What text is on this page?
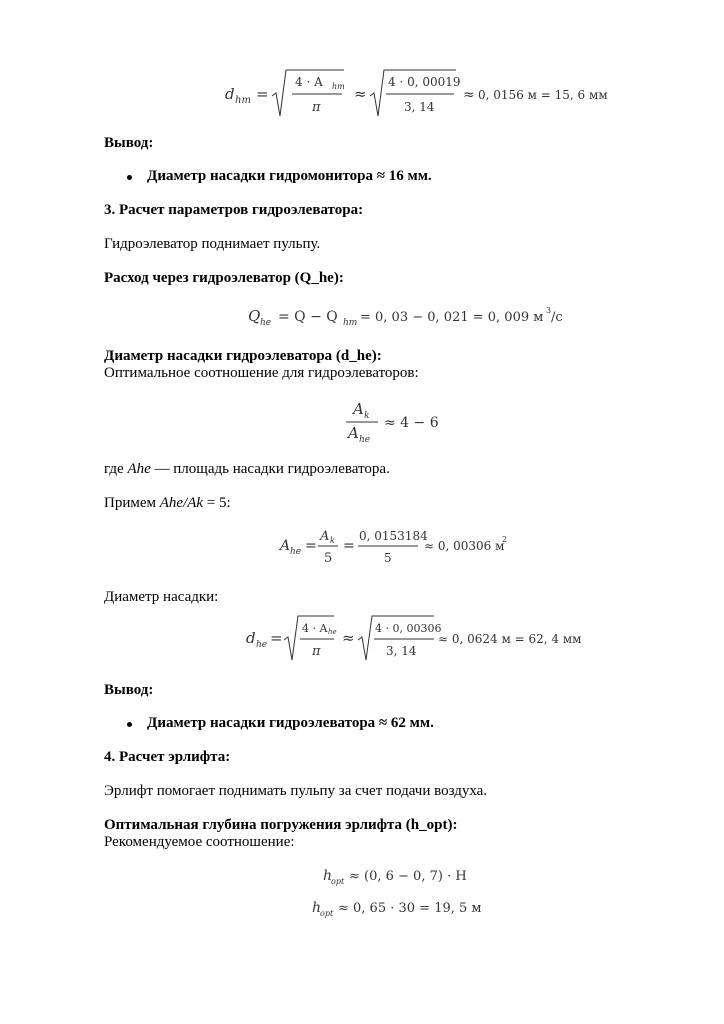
d hm =
4 · A hm
π
≈
4 · 0, 00019
3, 14
≈ 0, 0156 м = 15, 6 мм
Вывод:
Диаметр насадки гидромонитора ≈ 16 мм.
3. Расчет параметров гидроэлеватора:
Гидроэлеватор поднимает пульпу.
Расход через гидроэлеватор (Q_he):
Q he = Q − Q hm = 0, 03 − 0, 021 = 0, 009 м 3 /с
Диаметр насадки гидроэлеватора (d_he):
Оптимальное соотношение для гидроэлеваторов:
A k
A he
≈ 4 − 6
где Ahe — площадь насадки гидроэлеватора.
Примем Ahe/Ak = 5:
A he =
A k
5
=
0, 0153184
5
≈ 0, 00306 м
2
Диаметр насадки:
d he =
4 · A he
π
≈
4 · 0, 00306
3, 14
≈ 0, 0624 м = 62, 4 мм
Вывод:
Диаметр насадки гидроэлеватора ≈ 62 мм.
4. Расчет эрлифта:
Эрлифт помогает поднимать пульпу за счет подачи воздуха.
Оптимальная глубина погружения эрлифта (h_opt):
Рекомендуемое соотношение:
h
opt ≈ (0, 6 − 0, 7) · H
h
opt ≈ 0, 65 · 30 = 19, 5 м
